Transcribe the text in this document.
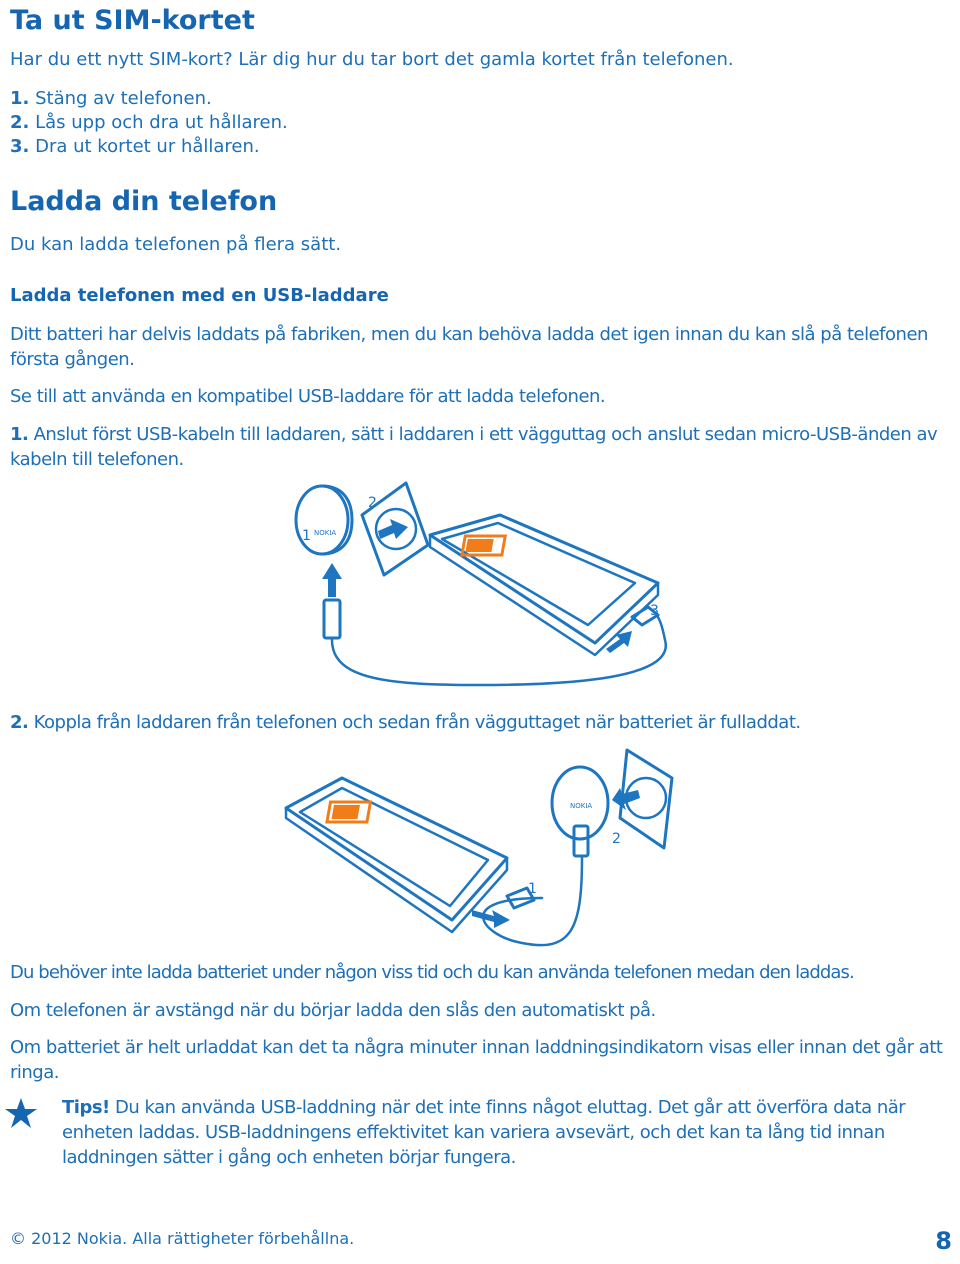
Ta ut SIM-kortet

Har du ett nytt SIM-kort? Lär dig hur du tar bort det gamla kortet från telefonen.

1. Stäng av telefonen.

2. Lås upp och dra ut hållaren.

3. Dra ut kortet ur hållaren.

Ladda din telefon

Du kan ladda telefonen på flera sätt.

Ladda telefonen med en USB-laddare

Ditt batteri har delvis laddats på fabriken, men du kan behöva ladda det igen innan du kan slå på telefonen första gången.

Se till att använda en kompatibel USB-laddare för att ladda telefonen.

1. Anslut först USB-kabeln till laddaren, sätt i laddaren i ett vägguttag och anslut sedan micro-USB-änden av kabeln till telefonen.

1
2
3
NOKIA

2. Koppla från laddaren från telefonen och sedan från vägguttaget när batteriet är fulladdat.

1
2
NOKIA

Du behöver inte ladda batteriet under någon viss tid och du kan använda telefonen medan den laddas.

Om telefonen är avstängd när du börjar ladda den slås den automatiskt på.

Om batteriet är helt urladdat kan det ta några minuter innan laddningsindikatorn visas eller innan det går att ringa.

Tips! Du kan använda USB-laddning när det inte finns något eluttag. Det går att överföra data när enheten laddas. USB-laddningens effektivitet kan variera avsevärt, och det kan ta lång tid innan laddningen sätter i gång och enheten börjar fungera.

© 2012 Nokia. Alla rättigheter förbehållna.	8
